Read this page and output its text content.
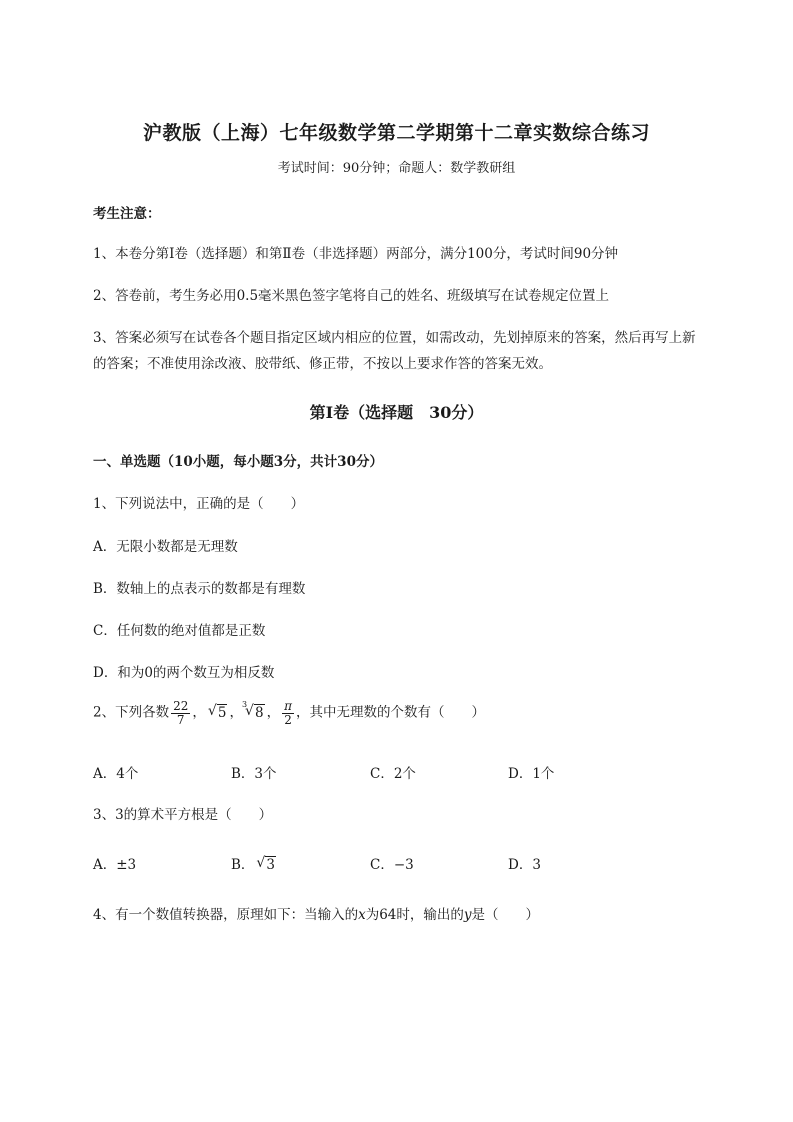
沪教版（上海）七年级数学第二学期第十二章实数综合练习
考试时间：90分钟；命题人：数学教研组
考生注意：
1、本卷分第I卷（选择题）和第Ⅱ卷（非选择题）两部分，满分100分，考试时间90分钟
2、答卷前，考生务必用0.5毫米黑色签字笔将自己的姓名、班级填写在试卷规定位置上
3、答案必须写在试卷各个题目指定区域内相应的位置，如需改动，先划掉原来的答案，然后再写上新
的答案；不准使用涂改液、胶带纸、修正带，不按以上要求作答的答案无效。
第I卷（选择题　30分）
一、单选题（10小题，每小题3分，共计30分）
1、下列说法中，正确的是（　　）
A．无限小数都是无理数
B．数轴上的点表示的数都是有理数
C．任何数的绝对值都是正数
D．和为0的两个数互为相反数
2、下列各数 $\frac{22}{7}$ ， √ 5 ，
3
√ 8 ， $\frac{\pi}{2}$ ，其中无理数的个数有（　　）
A．4个	B．3个	C．2个	D．1个
3、3的算术平方根是（　　）
A．±3	B． √ 3	C．−3	D．3
4、有一个数值转换器，原理如下：当输入的x为64时，输出的y是（　　）
